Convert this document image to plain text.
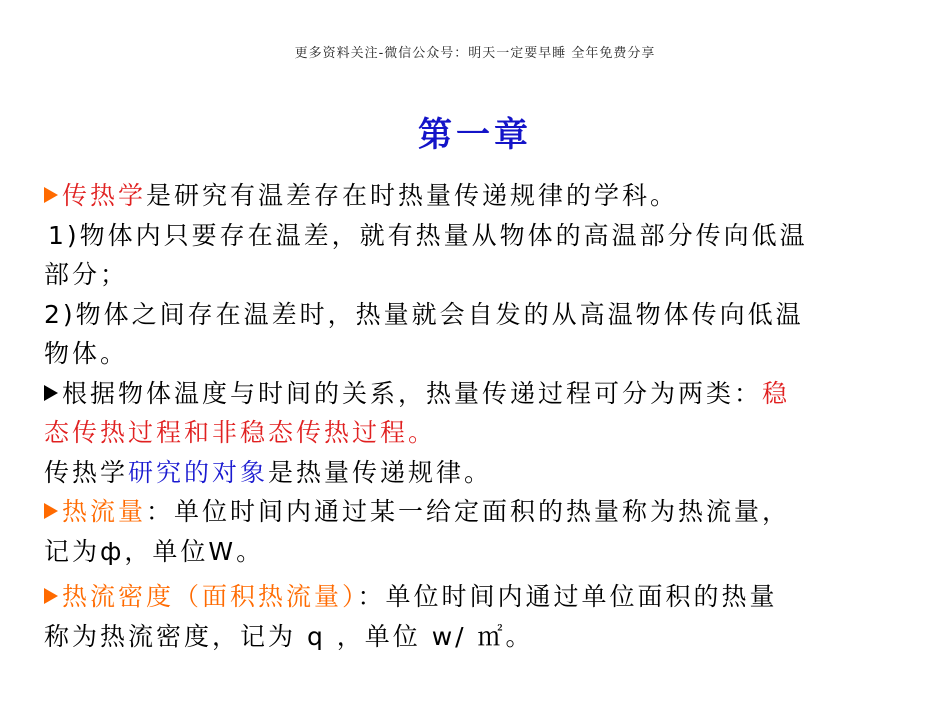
更多资料关注-微信公众号：明天一定要早睡 全年免费分享
第一章
传热学是研究有温差存在时热量传递规律的学科。
1)物体内只要存在温差，就有热量从物体的高温部分传向低温
部分；
2)物体之间存在温差时，热量就会自发的从高温物体传向低温
物体。
根据物体温度与时间的关系，热量传递过程可分为两类：稳
态传热过程和非稳态传热过程。
传热学研究的对象是热量传递规律。
热流量：单位时间内通过某一给定面积的热量称为热流量，
记为ф，单位W。
热流密度（面积热流量）：单位时间内通过单位面积的热量
称为热流密度，记为 q ，单位 w/ ㎡。
